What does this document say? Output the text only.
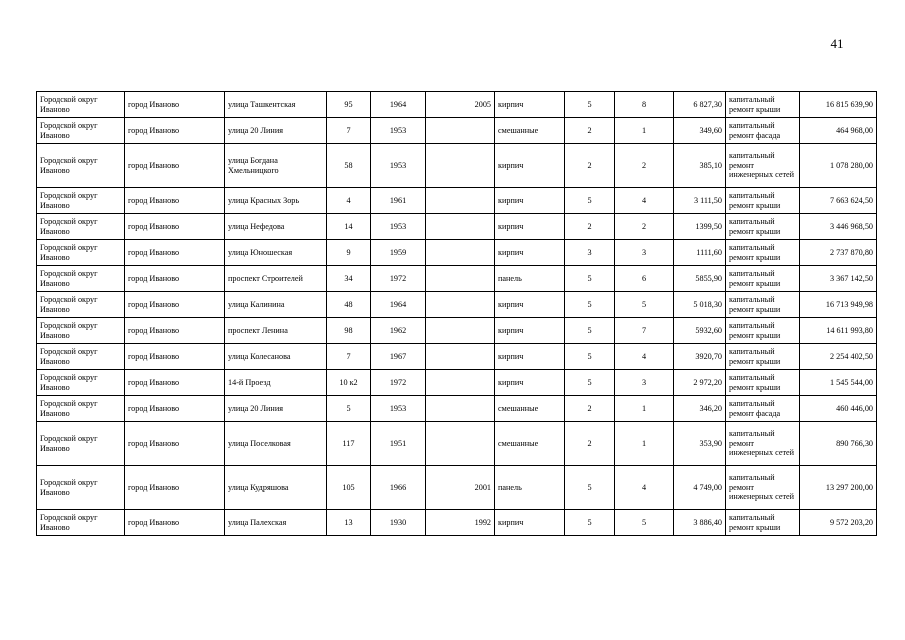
41
Городской округ Иваново	город Иваново	улица Ташкентская	95	1964	2005	кирпич	5	8	6 827,30	капитальный ремонт крыши	16 815 639,90
Городской округ Иваново	город Иваново	улица 20 Линия	7	1953		смешанные	2	1	349,60	капитальный ремонт фасада	464 968,00
Городской округ Иваново	город Иваново	улица Богдана Хмельницкого	58	1953		кирпич	2	2	385,10	капитальный ремонт инженерных сетей	1 078 280,00
Городской округ Иваново	город Иваново	улица Красных Зорь	4	1961		кирпич	5	4	3 111,50	капитальный ремонт крыши	7 663 624,50
Городской округ Иваново	город Иваново	улица Нефедова	14	1953		кирпич	2	2	1399,50	капитальный ремонт крыши	3 446 968,50
Городской округ Иваново	город Иваново	улица Юношеская	9	1959		кирпич	3	3	1111,60	капитальный ремонт крыши	2 737 870,80
Городской округ Иваново	город Иваново	проспект Строителей	34	1972		панель	5	6	5855,90	капитальный ремонт крыши	3 367 142,50
Городской округ Иваново	город Иваново	улица Калинина	48	1964		кирпич	5	5	5 018,30	капитальный ремонт крыши	16 713 949,98
Городской округ Иваново	город Иваново	проспект Ленина	98	1962		кирпич	5	7	5932,60	капитальный ремонт крыши	14 611 993,80
Городской округ Иваново	город Иваново	улица Колесанова	7	1967		кирпич	5	4	3920,70	капитальный ремонт крыши	2 254 402,50
Городской округ Иваново	город Иваново	14-й Проезд	10 к2	1972		кирпич	5	3	2 972,20	капитальный ремонт крыши	1 545 544,00
Городской округ Иваново	город Иваново	улица 20 Линия	5	1953		смешанные	2	1	346,20	капитальный ремонт фасада	460 446,00
Городской округ Иваново	город Иваново	улица Поселковая	117	1951		смешанные	2	1	353,90	капитальный ремонт инженерных сетей	890 766,30
Городской округ Иваново	город Иваново	улица Кудряшова	105	1966	2001	панель	5	4	4 749,00	капитальный ремонт инженерных сетей	13 297 200,00
Городской округ Иваново	город Иваново	улица Палехская	13	1930	1992	кирпич	5	5	3 886,40	капитальный ремонт крыши	9 572 203,20
